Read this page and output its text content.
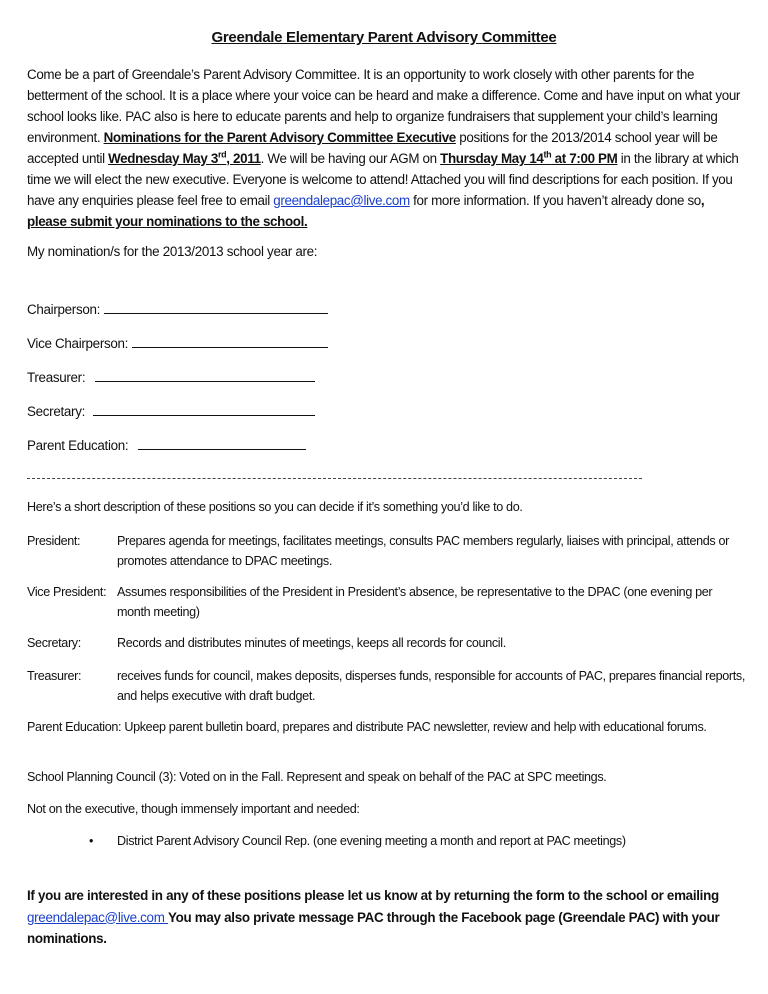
Greendale Elementary Parent Advisory Committee
Come be a part of Greendale’s Parent Advisory Committee. It is an opportunity to work closely with other parents for the betterment of the school. It is a place where your voice can be heard and make a difference. Come and have input on what your school looks like. PAC also is here to educate parents and help to organize fundraisers that supplement your child’s learning environment. Nominations for the Parent Advisory Committee Executive positions for the 2013/2014 school year will be accepted until Wednesday May 3rd, 2011. We will be having our AGM on Thursday May 14th at 7:00 PM in the library at which time we will elect the new executive. Everyone is welcome to attend! Attached you will find descriptions for each position. If you have any enquiries please feel free to email greendalepac@live.com for more information. If you haven’t already done so, please submit your nominations to the school.
My nomination/s for the 2013/2013 school year are:
Chairperson:
Vice Chairperson:
Treasurer:
Secretary:
Parent Education:
Here’s a short description of these positions so you can decide if it’s something you’d like to do.
President:	Prepares agenda for meetings, facilitates meetings, consults PAC members regularly, liaises with principal, attends or promotes attendance to DPAC meetings.
Vice President: Assumes responsibilities of the President in President’s absence, be representative to the DPAC (one evening per month meeting)
Secretary:	Records and distributes minutes of meetings, keeps all records for council.
Treasurer:	receives funds for council, makes deposits, disperses funds, responsible for accounts of PAC, prepares financial reports, and helps executive with draft budget.
Parent Education: Upkeep parent bulletin board, prepares and distribute PAC newsletter, review and help with educational forums.
School Planning Council (3): Voted on in the Fall. Represent and speak on behalf of the PAC at SPC meetings.
Not on the executive, though immensely important and needed:
• District Parent Advisory Council Rep. (one evening meeting a month and report at PAC meetings)
If you are interested in any of these positions please let us know at by returning the form to the school or emailing greendalepac@live.com You may also private message PAC through the Facebook page (Greendale PAC) with your nominations.
